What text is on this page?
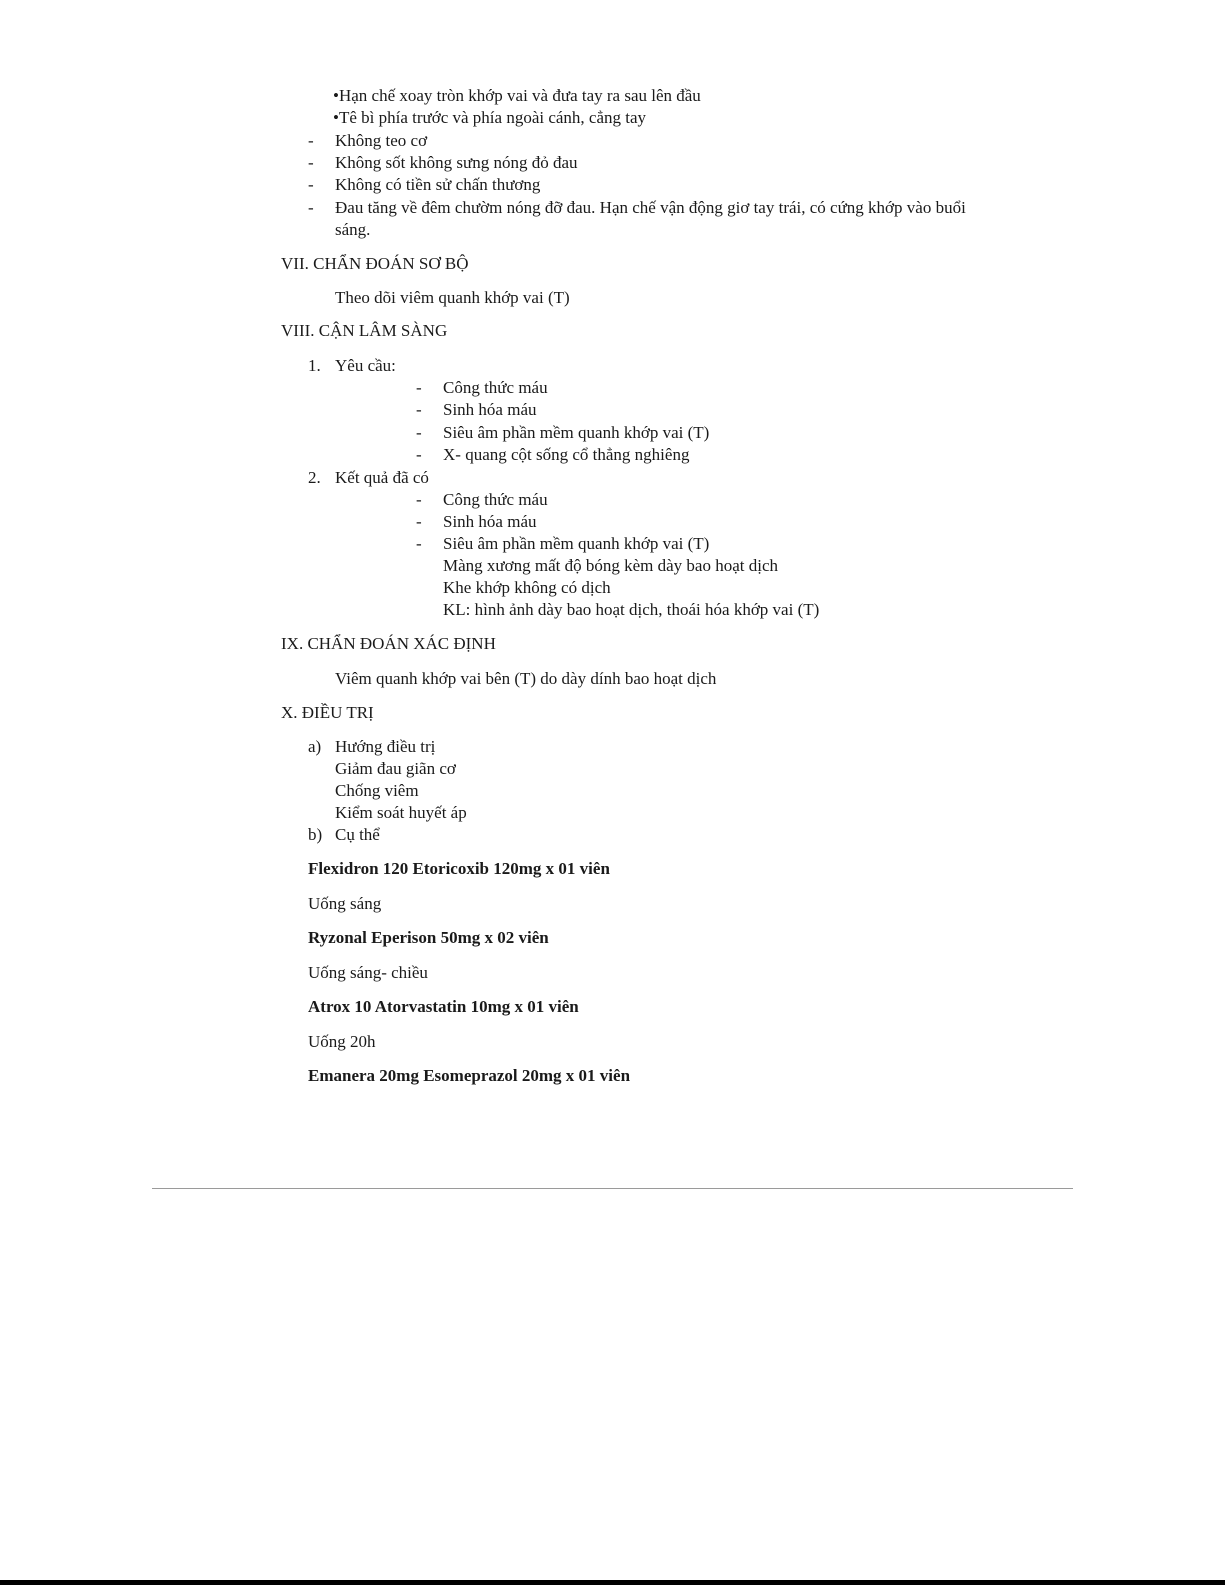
•Hạn chế xoay tròn khớp vai và đưa tay ra sau lên đầu
•Tê bì phía trước và phía ngoài cánh, cẳng tay
- Không teo cơ
- Không sốt không sưng nóng đỏ đau
- Không có tiền sử chấn thương
- Đau tăng về đêm chườm nóng đỡ đau. Hạn chế vận động giơ tay trái, có cứng khớp vào buổi
sáng.
VII. CHẨN ĐOÁN SƠ BỘ
Theo dõi viêm quanh khớp vai (T)
VIII. CẬN LÂM SÀNG
1. Yêu cầu:
- Công thức máu
- Sinh hóa máu
- Siêu âm phần mềm quanh khớp vai (T)
- X- quang cột sống cổ thẳng nghiêng
2. Kết quả đã có
- Công thức máu
- Sinh hóa máu
- Siêu âm phần mềm quanh khớp vai (T)
Màng xương mất độ bóng kèm dày bao hoạt dịch
Khe khớp không có dịch
KL: hình ảnh dày bao hoạt dịch, thoái hóa khớp vai (T)
IX. CHẨN ĐOÁN XÁC ĐỊNH
Viêm quanh khớp vai bên (T) do dày dính bao hoạt dịch
X. ĐIỀU TRỊ
a) Hướng điều trị
Giảm đau giãn cơ
Chống viêm
Kiểm soát huyết áp
b) Cụ thể
Flexidron 120 Etoricoxib 120mg x 01 viên
Uống sáng
Ryzonal Eperison 50mg x 02 viên
Uống sáng- chiều
Atrox 10 Atorvastatin 10mg x 01 viên
Uống 20h
Emanera 20mg Esomeprazol 20mg x 01 viên
